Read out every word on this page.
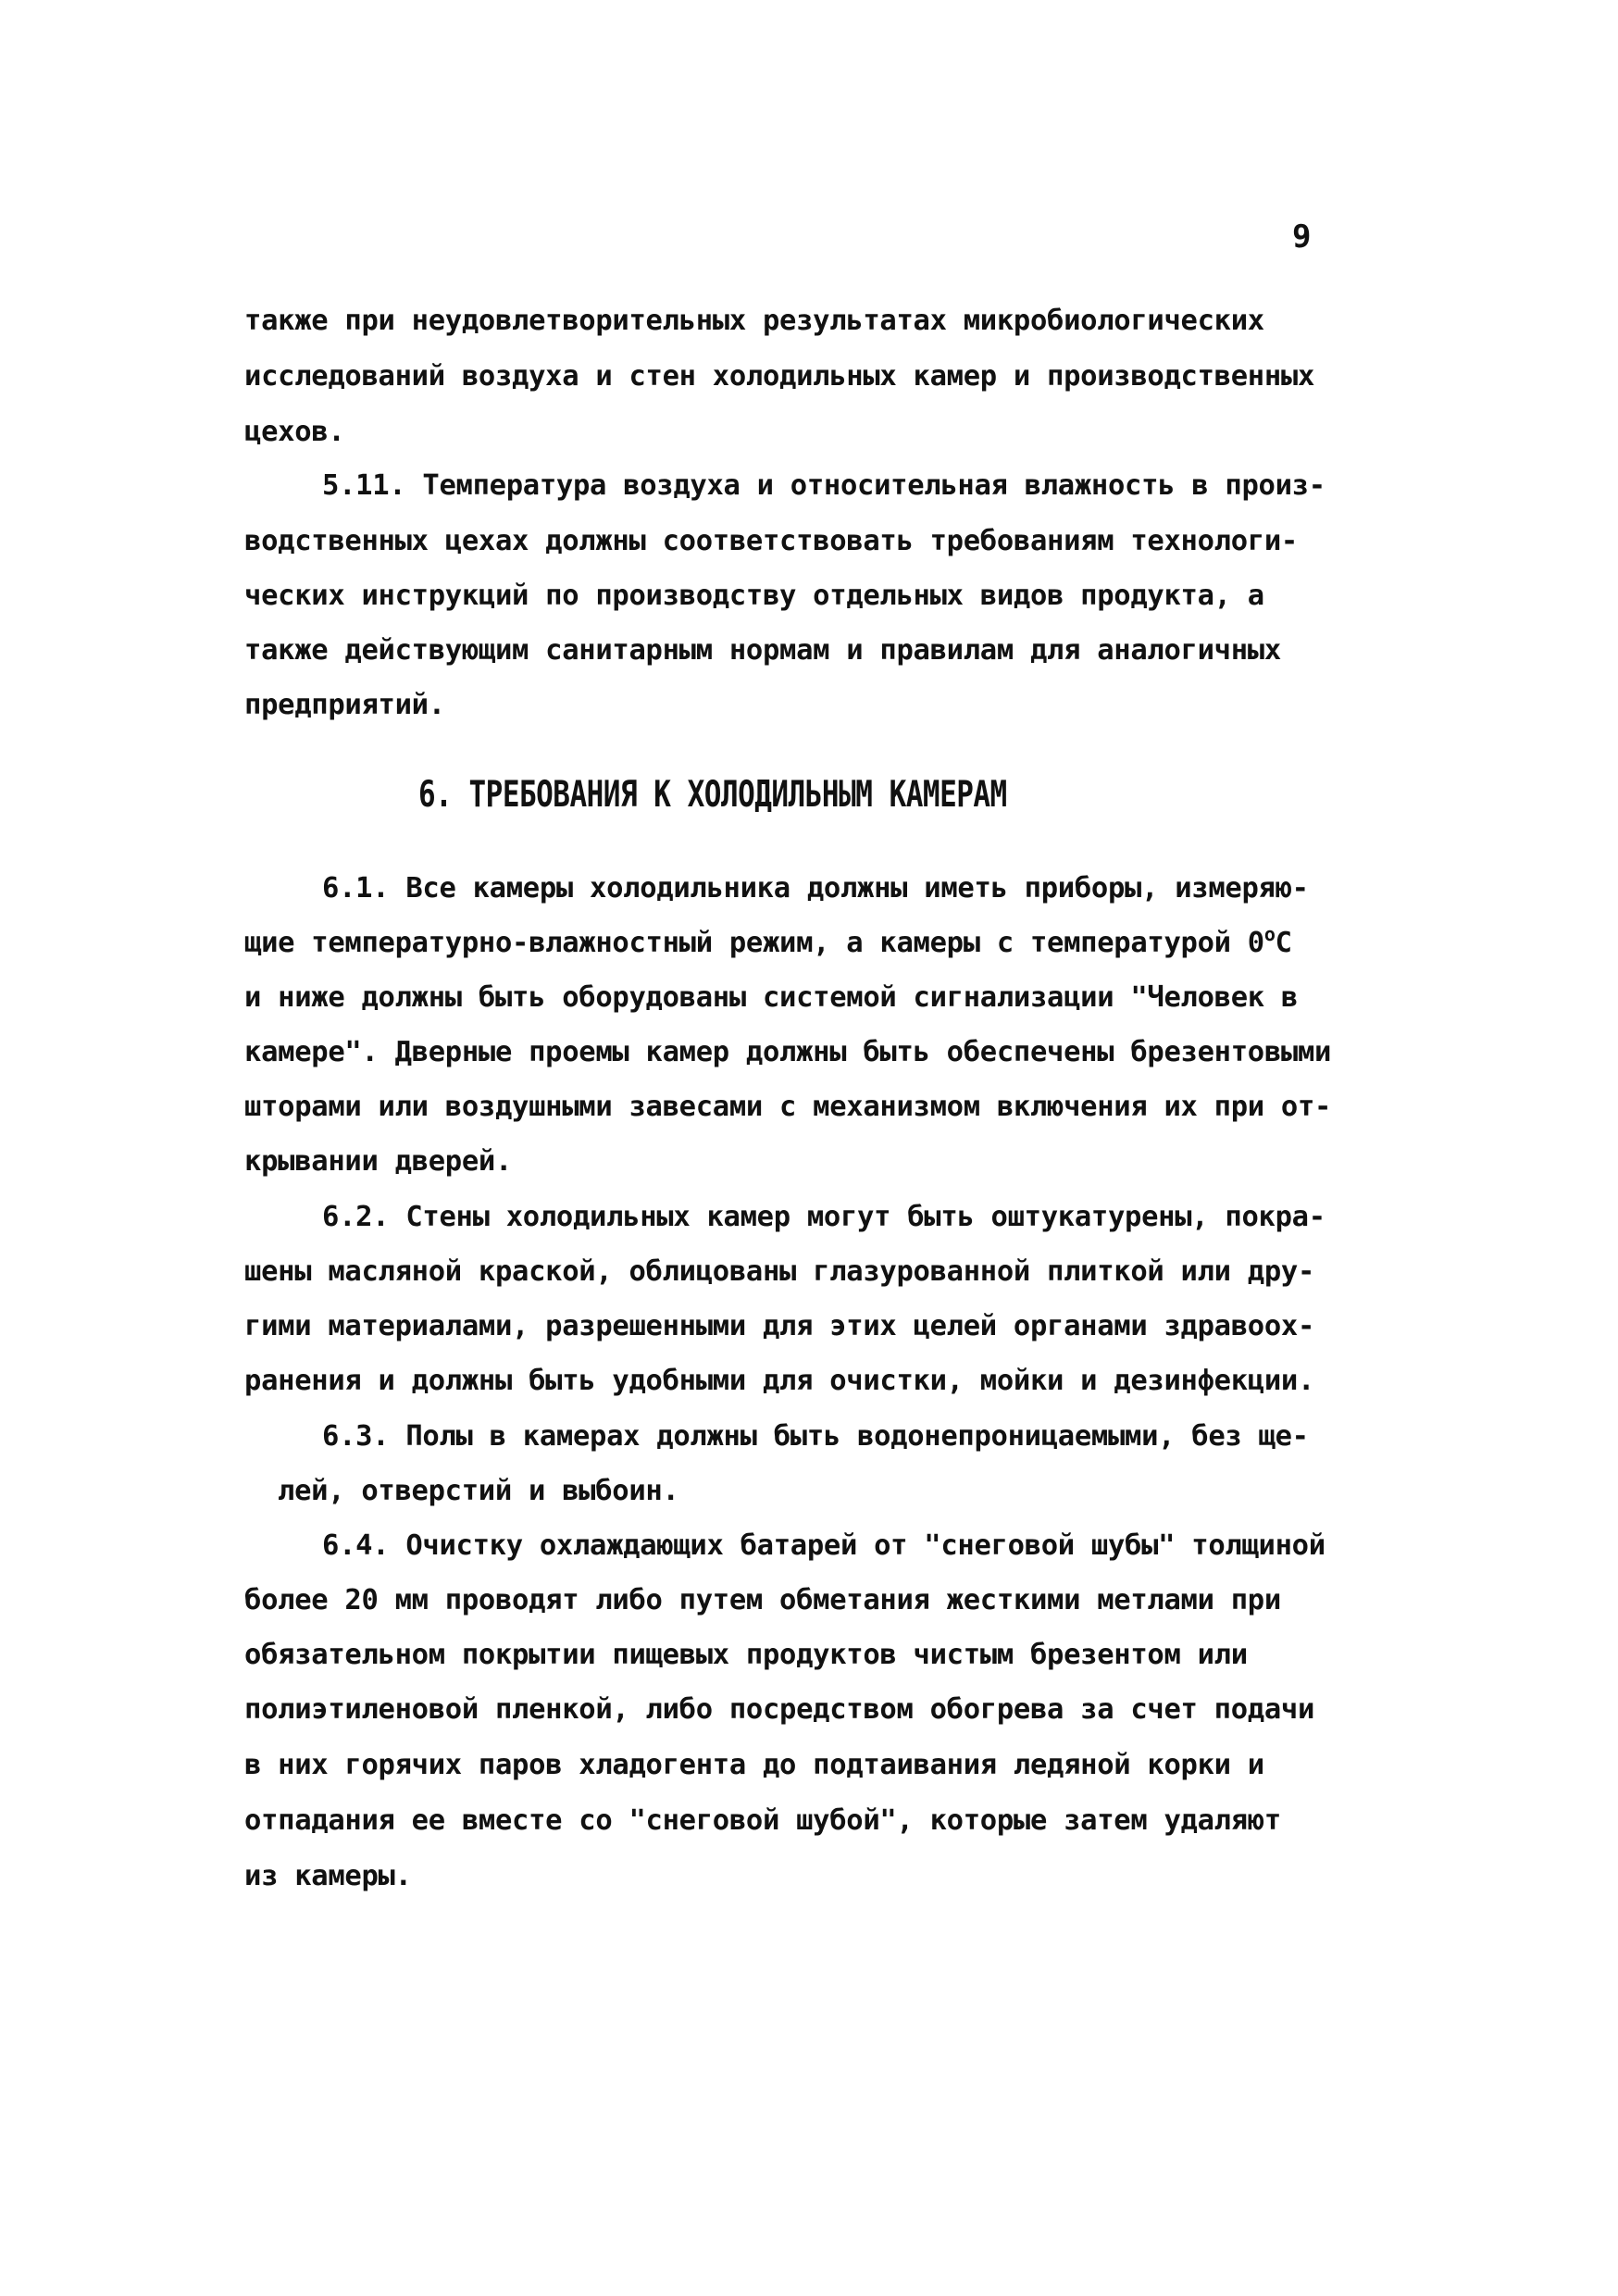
9
также при неудовлетворительных результатах микробиологических
исследований воздуха и стен холодильных камер и производственных
цехов.
5.11. Температура воздуха и относительная влажность в произ-
водственных цехах должны соответствовать требованиям технологи-
ческих инструкций по производству отдельных видов продукта, а
также действующим санитарным нормам и правилам для аналогичных
предприятий.
6. ТРЕБОВАНИЯ К ХОЛОДИЛЬНЫМ КАМЕРАМ
6.1. Все камеры холодильника должны иметь приборы, измеряю-
щие температурно-влажностный режим, а камеры с температурой $0^оС$
и ниже должны быть оборудованы системой сигнализации "Человек в
камере". Дверные проемы камер должны быть обеспечены брезентовыми
шторами или воздушными завесами с механизмом включения их при от-
крывании дверей.
6.2. Стены холодильных камер могут быть оштукатурены, покра-
шены масляной краской, облицованы глазурованной плиткой или дру-
гими материалами, разрешенными для этих целей органами здравоох-
ранения и должны быть удобными для очистки, мойки и дезинфекции.
6.3. Полы в камерах должны быть водонепроницаемыми, без ще-
лей, отверстий и выбоин.
6.4. Очистку охлаждающих батарей от "снеговой шубы" толщиной
более 20 мм проводят либо путем обметания жесткими метлами при
обязательном покрытии пищевых продуктов чистым брезентом или
полиэтиленовой пленкой, либо посредством обогрева за счет подачи
в них горячих паров хладогента до подтаивания ледяной корки и
отпадания ее вместе со "снеговой шубой", которые затем удаляют
из камеры.
